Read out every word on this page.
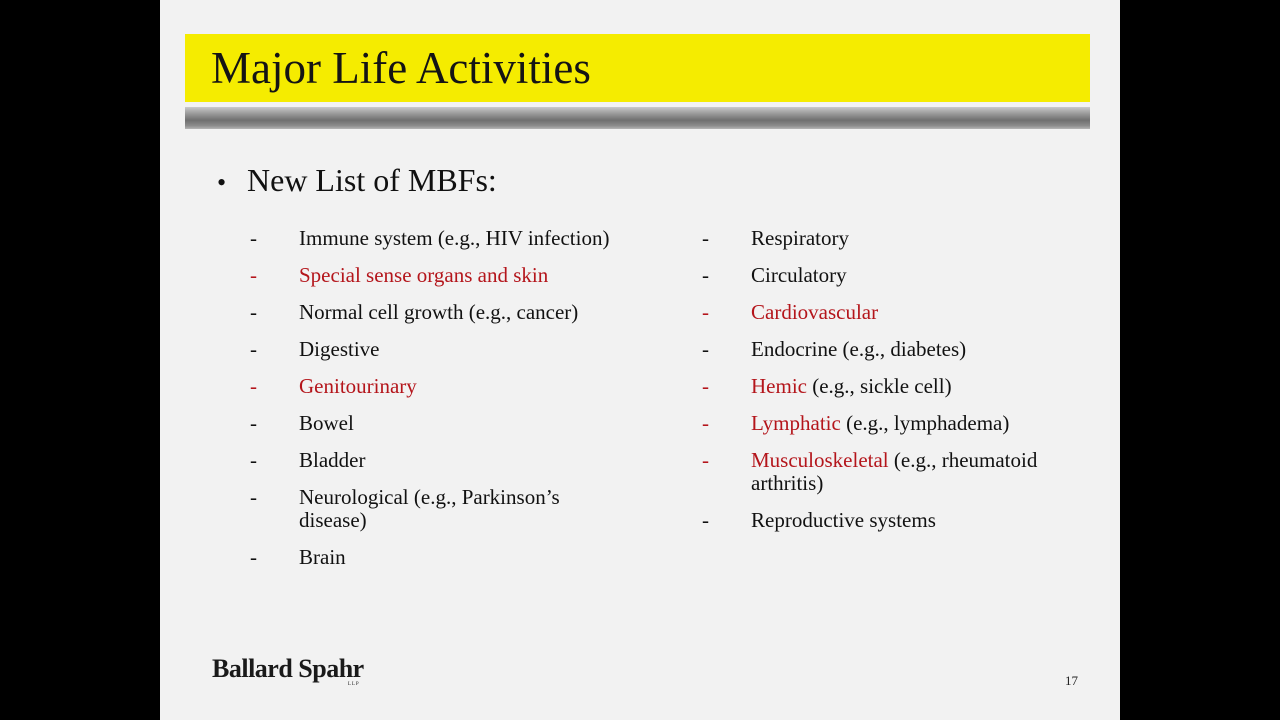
Major Life Activities
• New List of MBFs:
- Immune system (e.g., HIV infection)
- Special sense organs and skin
- Normal cell growth (e.g., cancer)
- Digestive
- Genitourinary
- Bowel
- Bladder
- Neurological (e.g., Parkinson’s disease)
- Brain
- Respiratory
- Circulatory
- Cardiovascular
- Endocrine (e.g., diabetes)
- Hemic (e.g., sickle cell)
- Lymphatic (e.g., lymphadema)
- Musculoskeletal (e.g., rheumatoid arthritis)
- Reproductive systems
Ballard Spahr
LLP	17
